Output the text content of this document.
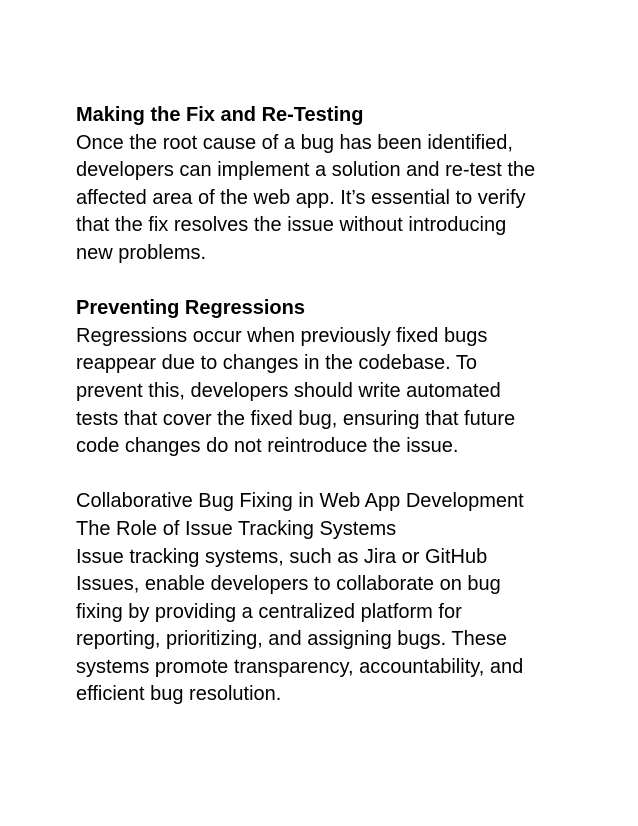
Making the Fix and Re-Testing

Once the root cause of a bug has been identified,
developers can implement a solution and re-test the
affected area of the web app. It’s essential to verify
that the fix resolves the issue without introducing
new problems.

Preventing Regressions

Regressions occur when previously fixed bugs
reappear due to changes in the codebase. To
prevent this, developers should write automated
tests that cover the fixed bug, ensuring that future
code changes do not reintroduce the issue.

Collaborative Bug Fixing in Web App Development
The Role of Issue Tracking Systems
Issue tracking systems, such as Jira or GitHub
Issues, enable developers to collaborate on bug
fixing by providing a centralized platform for
reporting, prioritizing, and assigning bugs. These
systems promote transparency, accountability, and
efficient bug resolution.
